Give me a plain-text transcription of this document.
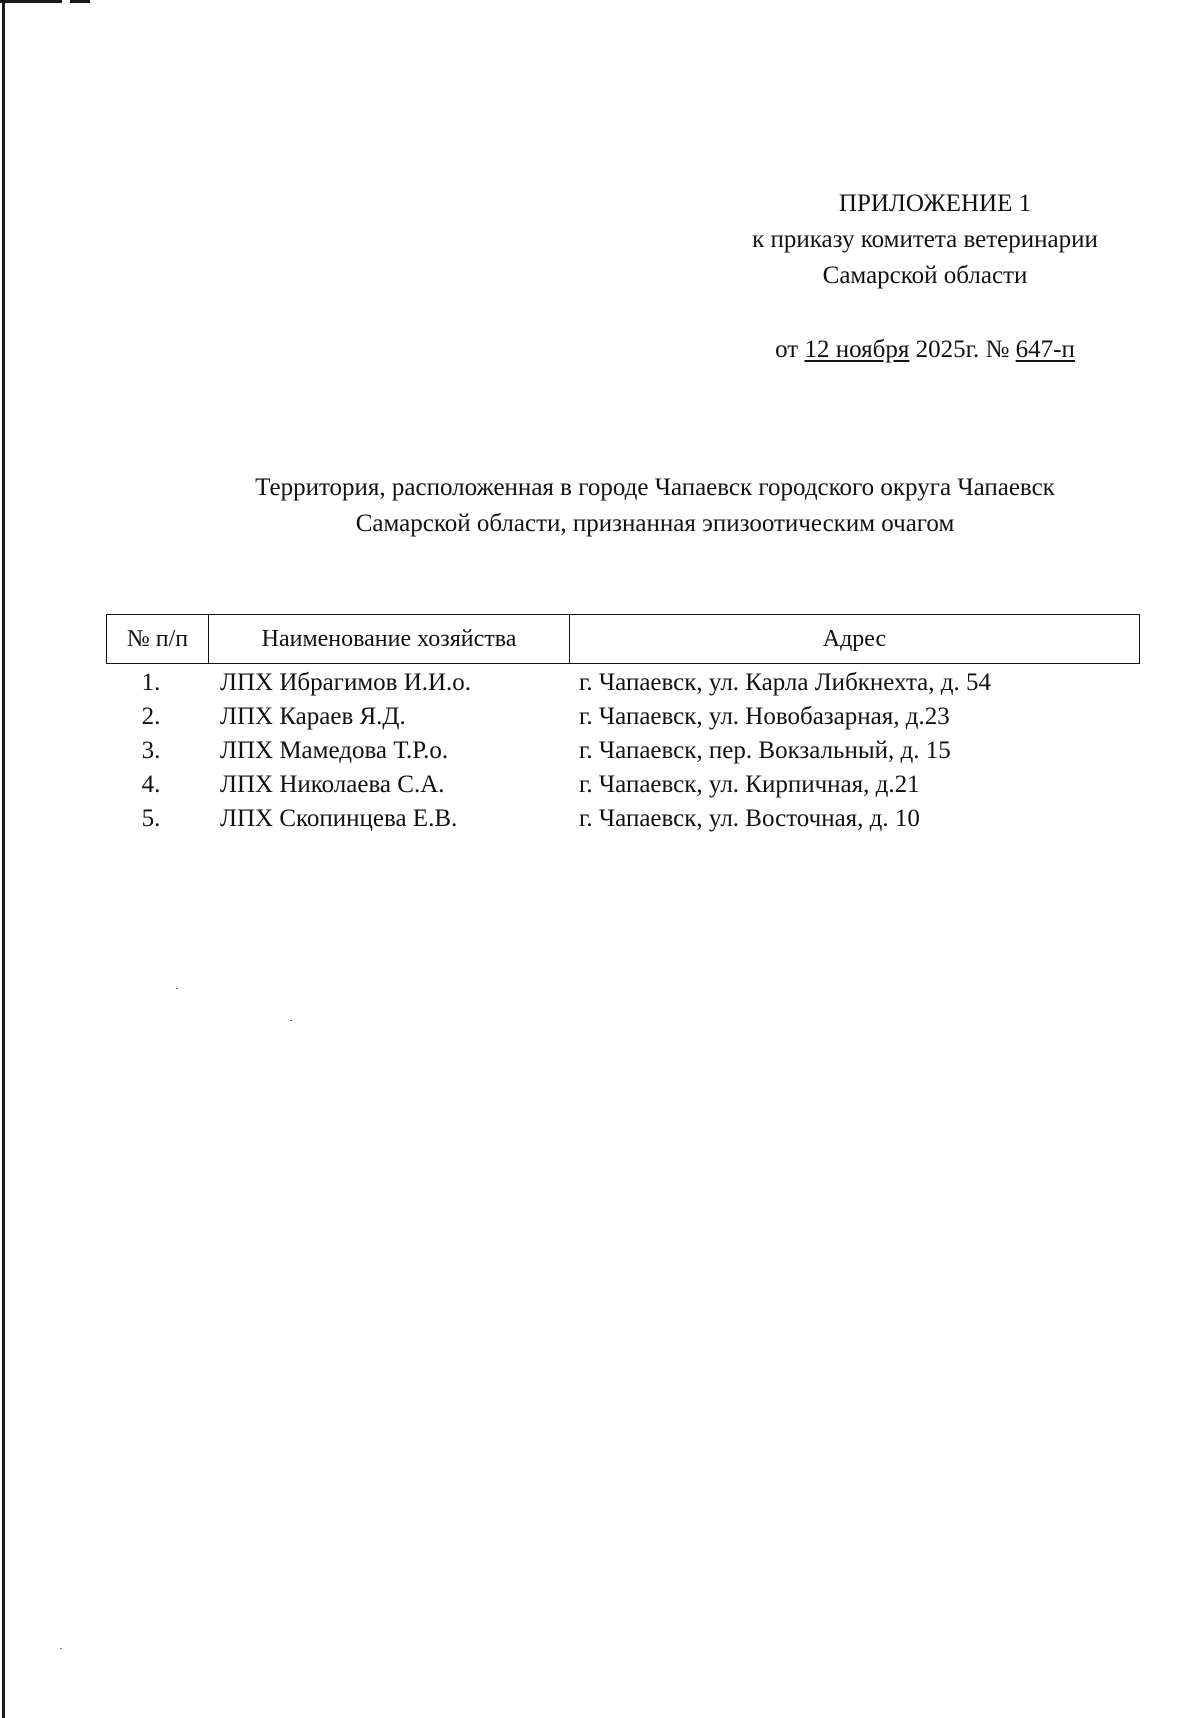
ПРИЛОЖЕНИЕ 1
к приказу комитета ветеринарии
Самарской области
от 12 ноября 2025г. № 647-п
Территория, расположенная в городе Чапаевск городского округа Чапаевск
Самарской области, признанная эпизоотическим очагом
№ п/п	Наименование хозяйства	Адрес
1.	ЛПХ Ибрагимов И.И.о.	г. Чапаевск, ул. Карла Либкнехта, д. 54
2.	ЛПХ Караев Я.Д.	г. Чапаевск, ул. Новобазарная, д.23
3.	ЛПХ Мамедова Т.Р.о.	г. Чапаевск, пер. Вокзальный, д. 15
4.	ЛПХ Николаева С.А.	г. Чапаевск, ул. Кирпичная, д.21
5.	ЛПХ Скопинцева Е.В.	г. Чапаевск, ул. Восточная, д. 10
